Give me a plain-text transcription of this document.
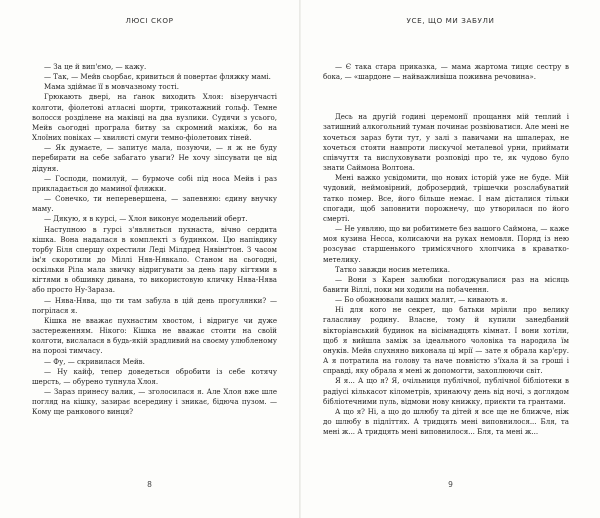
ЛЮСІ СКОР

— За це й вип'ємо, — кажу.

— Так, — Мейв сьорбає, кривиться й повертає фляжку мамі.

Мама здіймає її в мовчазному тості.

Грюкають двері, на ґанок виходить Хлоя: візерунчасті колготи, фіолетові атласні шорти, трикотажний гольф. Темне волосся розділене на маківці на два вузлики. Судячи з усього, Мейв сьогодні програла битву за скромний макіяж, бо на Хлоїних повіках — хвилясті смуги темно-фіолетових тіней.

— Як думаєте, — запитує мала, позуючи, — я ж не буду перебирати на себе забагато уваги? Не хочу зіпсувати це від дідуня.

— Господи, помилуй, — бурмоче собі під носа Мейв і раз прикладається до маминої фляжки.

— Сонечко, ти неперевершена, — запевняю: єдину внучку маму.

— Дякую, я в курсі, — Хлоя виконує модельний оберт.

Наступною в гурсі з'являється пухнаста, вічно сердита кішка. Вона надалася в комплекті з будинком. Цю напівдику торбу Біля спершу охрестили Леді Мілдред Нявінґтон. З часом ім'я скоротили до Міллі Няв-Нявкало. Станом на сьогодні, оскільки Ріла мала звичку відригувати за день пару кігтями в кігтями в обшивку дивана, то використовую кличку Нява-Нява або просто Ну-Зараза.

— Нява-Нява, що ти там забула в цій день прогулянки? — погрілася я.

Кішка не вважає пухнастим хвостом, і відригує чи дуже застереженням. Нікого: Кішка не вважає стояти на своїй колготи, вислалася в будь-якій зрадливий на своєму улюбленому на порозі тимчасу.

— Фу, — скривилася Мейв.

— Ну кайф, тепер доведеться обробити із себе котячу шерсть, — обурено тупнула Хлоя.

— Зараз принесу валик, — зголосилася я. Але Хлоя вже шле погляд на кішку, зазирає всередину і зникає, бідюча пузом. — Кому ще ранкового винця?

8
УСЕ, ЩО МИ ЗАБУЛИ

— Є така стара приказка, — мама жартома тицяє сестру в бока, — «шардоне — найважливіша поживна речовина».

Десь на другій годині церемонії прощання мій теплий і затишний алкогольний туман починає розвіюватися. Але мені не хочеться зараз бути тут, у залі з павичами на шпалерах, не хочеться стояти навпроти лискучої металевої урни, приймати співчуття та вислуховувати розповіді про те, як чудово було знати Саймона Волтона.

Мені важко усвідомити, що нових історій уже не буде. Мій чудовий, неймовірний, доброзердий, трішечки розслабуватий татко помер. Все, його більше немає. І нам дісталися тільки спогади, щоб заповнити порожнечу, що утворилася по його смерті.

— Не уявляю, що ви робитимете без вашого Саймона, — каже моя кузина Несса, колисаючи на руках немовля. Поряд із нею розсуває старшенького тримісячного хлопчика в краватко-метелику.

Татко завжди носив метелика.

— Вони з Карен залюбки погоджувалися раз на місяць бавити Віллі, поки ми ходили на побачення.

— Бо обожнювали ваших малят, — кивають я.

Ні для кого не секрет, що батьки мріяли про велику галасливу родину. Власне, тому й купили занедбаний вікторіанський будинок на вісімнадцять кімнат. І вони хотіли, щоб я вийшла заміж за ідеального чоловіка та народила їм онуків. Мейв слухняно виконала ці мрії — зате я обрала кар'єру. А я потратила на голову та наче повністю з'їхала й за гроші і справді, яку обрала я мені ж допомогти, захоплюючи світ.

Я я... А що я? Я, очільниця публічної, публічної бібліотеки в радіусі кількасот кілометрів, хринаючу день від ночі, з доглядом бібліотечними пуль, відмови нову книжку, приєкти та грантами.

А що я? Ні, а що до шлюбу та дітей я все ще не ближче, ніж до шлюбу в підліттях. А тридцять мені виповнилося... Бля, та мені ж... А тридцять мені виповнилося... Бля, та мені ж...

9
